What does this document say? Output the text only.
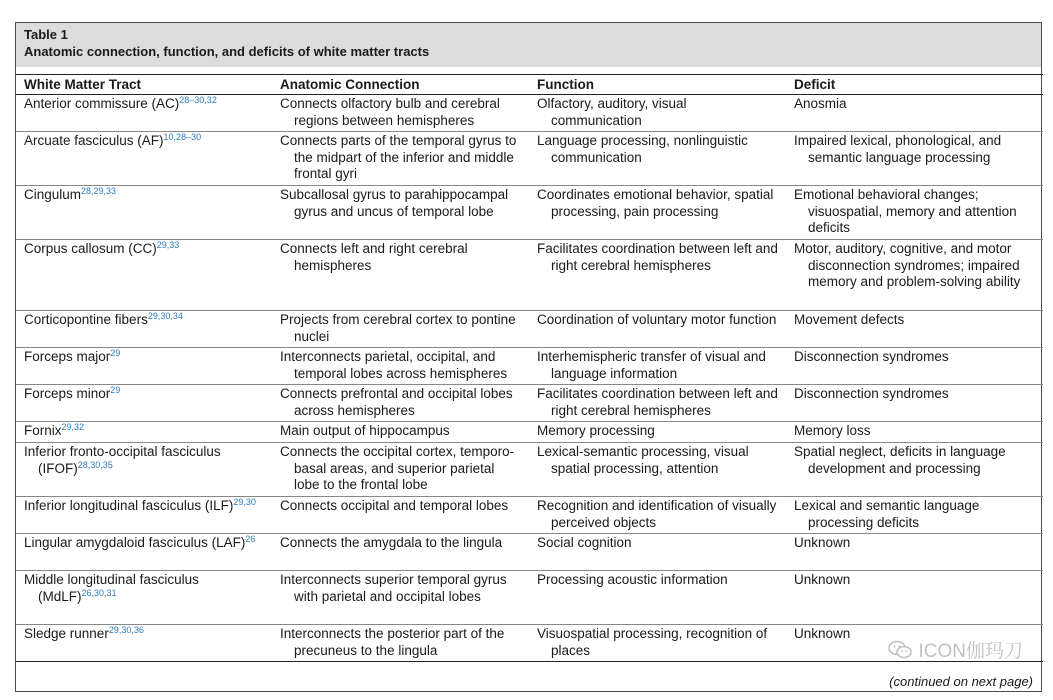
Table 1
Anatomic connection, function, and deficits of white matter tracts
White Matter Tract	Anatomic Connection	Function	Deficit

Anterior commissure (AC)$^{28-30,32}$	Connects olfactory bulb and cerebral regions between hemispheres	Olfactory, auditory, visual communication	Anosmia

Arcuate fasciculus (AF)$^{10,28-30}$	Connects parts of the temporal gyrus to the midpart of the inferior and middle frontal gyri	Language processing, nonlinguistic communication	Impaired lexical, phonological, and semantic language processing

Cingulum$^{28,29,33}$	Subcallosal gyrus to parahippocampal gyrus and uncus of temporal lobe	Coordinates emotional behavior, spatial processing, pain processing	Emotional behavioral changes; visuospatial, memory and attention deficits

Corpus callosum (CC)$^{29,33}$	Connects left and right cerebral hemispheres	Facilitates coordination between left and right cerebral hemispheres	Motor, auditory, cognitive, and motor disconnection syndromes; impaired memory and problem-solving ability

Corticopontine fibers$^{29,30,34}$	Projects from cerebral cortex to pontine nuclei	Coordination of voluntary motor function	Movement defects

Forceps major$^{29}$	Interconnects parietal, occipital, and temporal lobes across hemispheres	Interhemispheric transfer of visual and language information	Disconnection syndromes

Forceps minor$^{29}$	Connects prefrontal and occipital lobes across hemispheres	Facilitates coordination between left and right cerebral hemispheres	Disconnection syndromes

Fornix$^{29,32}$	Main output of hippocampus	Memory processing	Memory loss

Inferior fronto-occipital fasciculus (IFOF)$^{28,30,35}$	Connects the occipital cortex, temporo-basal areas, and superior parietal lobe to the frontal lobe	Lexical-semantic processing, visual spatial processing, attention	Spatial neglect, deficits in language development and processing

Inferior longitudinal fasciculus (ILF)$^{29,30}$	Connects occipital and temporal lobes	Recognition and identification of visually perceived objects	Lexical and semantic language processing deficits

Lingular amygdaloid fasciculus (LAF)$^{26}$	Connects the amygdala to the lingula	Social cognition	Unknown

Middle longitudinal fasciculus (MdLF)$^{26,30,31}$	Interconnects superior temporal gyrus with parietal and occipital lobes	Processing acoustic information	Unknown

Sledge runner$^{29,30,36}$	Interconnects the posterior part of the precuneus to the lingula	Visuospatial processing, recognition of places	Unknown
(continued on next page)
ICON伽玛刀
